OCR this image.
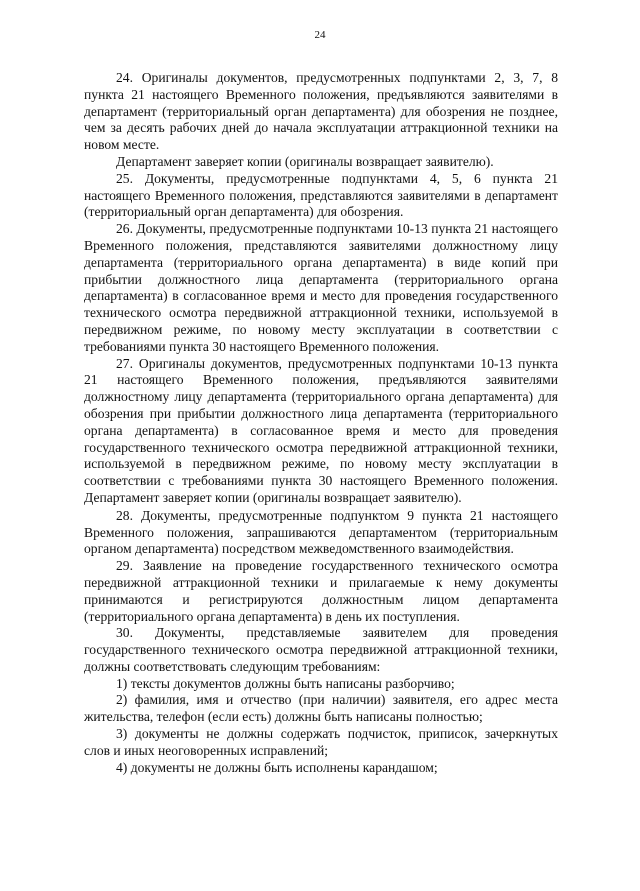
24

24. Оригиналы документов, предусмотренных подпунктами 2, 3, 7, 8 пункта 21 настоящего Временного положения, предъявляются заявителями в департамент (территориальный орган департамента) для обозрения не позднее, чем за десять рабочих дней до начала эксплуатации аттракционной техники на новом месте.

Департамент заверяет копии (оригиналы возвращает заявителю).

25. Документы, предусмотренные подпунктами 4, 5, 6 пункта 21 настоящего Временного положения, представляются заявителями в департамент (территориальный орган департамента) для обозрения.

26. Документы, предусмотренные подпунктами 10-13 пункта 21 настоящего Временного положения, представляются заявителями должностному лицу департамента (территориального органа департамента) в виде копий при прибытии должностного лица департамента (территориального органа департамента) в согласованное время и место для проведения государственного технического осмотра передвижной аттракционной техники, используемой в передвижном режиме, по новому месту эксплуатации в соответствии с требованиями пункта 30 настоящего Временного положения.

27. Оригиналы документов, предусмотренных подпунктами 10-13 пункта 21 настоящего Временного положения, предъявляются заявителями должностному лицу департамента (территориального органа департамента) для обозрения при прибытии должностного лица департамента (территориального органа департамента) в согласованное время и место для проведения государственного технического осмотра передвижной аттракционной техники, используемой в передвижном режиме, по новому месту эксплуатации в соответствии с требованиями пункта 30 настоящего Временного положения. Департамент заверяет копии (оригиналы возвращает заявителю).

28. Документы, предусмотренные подпунктом 9 пункта 21 настоящего Временного положения, запрашиваются департаментом (территориальным органом департамента) посредством межведомственного взаимодействия.

29. Заявление на проведение государственного технического осмотра передвижной аттракционной техники и прилагаемые к нему документы принимаются и регистрируются должностным лицом департамента (территориального органа департамента) в день их поступления.

30. Документы, представляемые заявителем для проведения государственного технического осмотра передвижной аттракционной техники, должны соответствовать следующим требованиям:

1) тексты документов должны быть написаны разборчиво;

2) фамилия, имя и отчество (при наличии) заявителя, его адрес места жительства, телефон (если есть) должны быть написаны полностью;

3) документы не должны содержать подчисток, приписок, зачеркнутых слов и иных неоговоренных исправлений;

4) документы не должны быть исполнены карандашом;
